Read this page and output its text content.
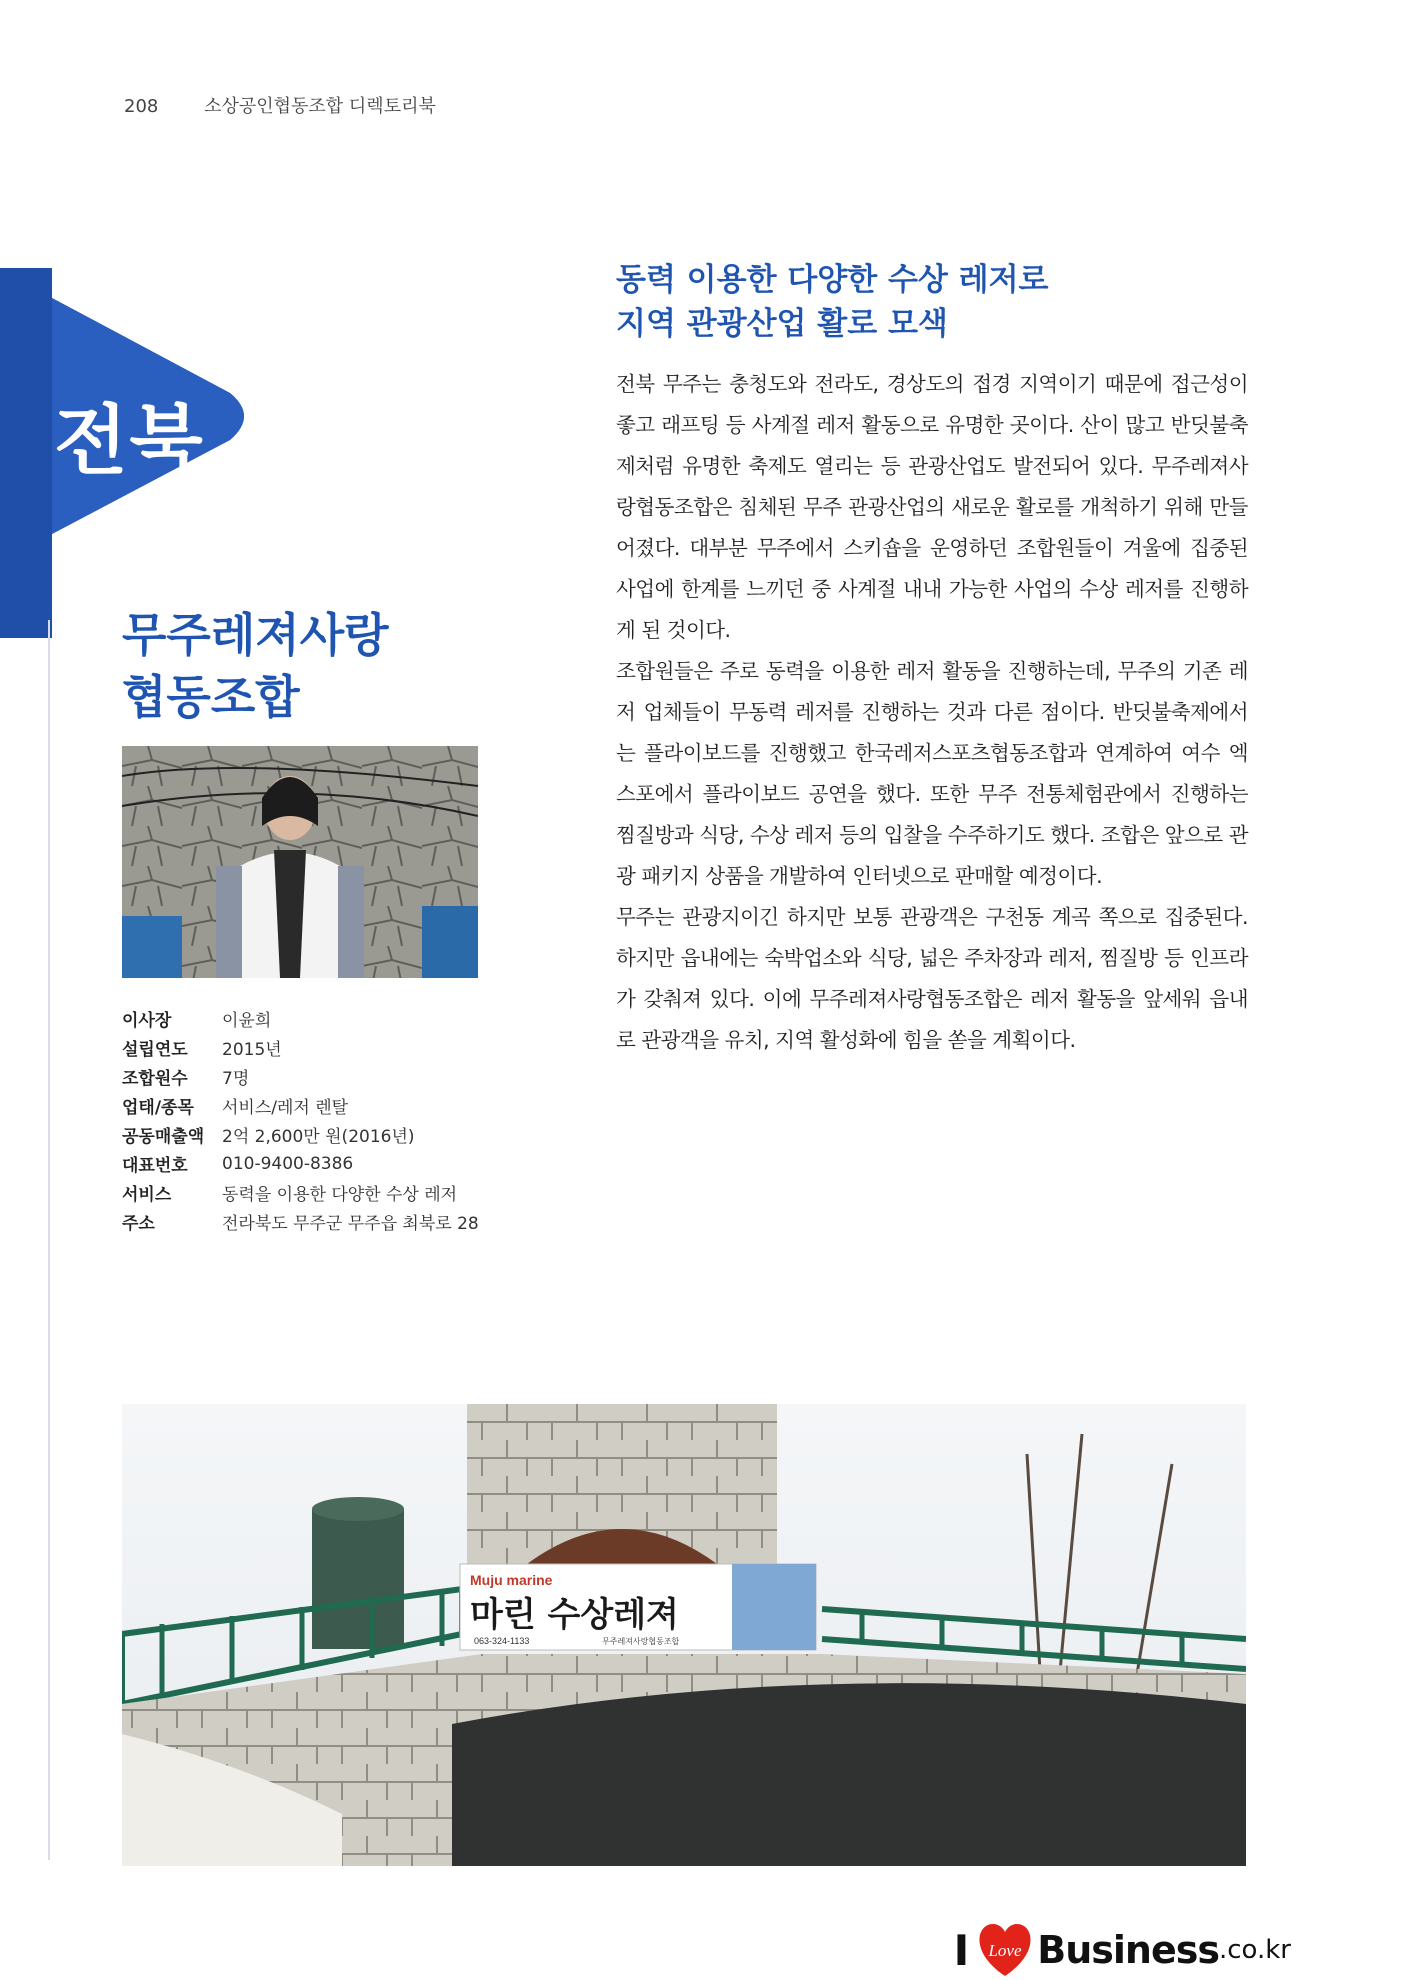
208	소상공인협동조합 디렉토리북
전북
무주레져사랑
협동조합
이사장	이윤희
설립연도	2015년
조합원수	7명
업태/종목	서비스/레저 렌탈
공동매출액	2억 2,600만 원(2016년)
대표번호	010-9400-8386
서비스	동력을 이용한 다양한 수상 레저
주소	전라북도 무주군 무주읍 최북로 28
동력 이용한 다양한 수상 레저로
지역 관광산업 활로 모색

전북 무주는 충청도와 전라도, 경상도의 접경 지역이기 때문에 접근성이 좋고 래프팅 등 사계절 레저 활동으로 유명한 곳이다. 산이 많고 반딧불축제처럼 유명한 축제도 열리는 등 관광산업도 발전되어 있다. 무주레져사랑협동조합은 침체된 무주 관광산업의 새로운 활로를 개척하기 위해 만들어졌다. 대부분 무주에서 스키숍을 운영하던 조합원들이 겨울에 집중된 사업에 한계를 느끼던 중 사계절 내내 가능한 사업의 수상 레저를 진행하게 된 것이다.

조합원들은 주로 동력을 이용한 레저 활동을 진행하는데, 무주의 기존 레저 업체들이 무동력 레저를 진행하는 것과 다른 점이다. 반딧불축제에서는 플라이보드를 진행했고 한국레저스포츠협동조합과 연계하여 여수 엑스포에서 플라이보드 공연을 했다. 또한 무주 전통체험관에서 진행하는 찜질방과 식당, 수상 레저 등의 입찰을 수주하기도 했다. 조합은 앞으로 관광 패키지 상품을 개발하여 인터넷으로 판매할 예정이다.

무주는 관광지이긴 하지만 보통 관광객은 구천동 계곡 쪽으로 집중된다. 하지만 읍내에는 숙박업소와 식당, 넓은 주차장과 레저, 찜질방 등 인프라가 갖춰져 있다. 이에 무주레져사랑협동조합은 레저 활동을 앞세워 읍내로 관광객을 유치, 지역 활성화에 힘을 쏟을 계획이다.

Muju marine
마린 수상레져
063-324-1133	무주레져사랑협동조합
I Love Business .co.kr
